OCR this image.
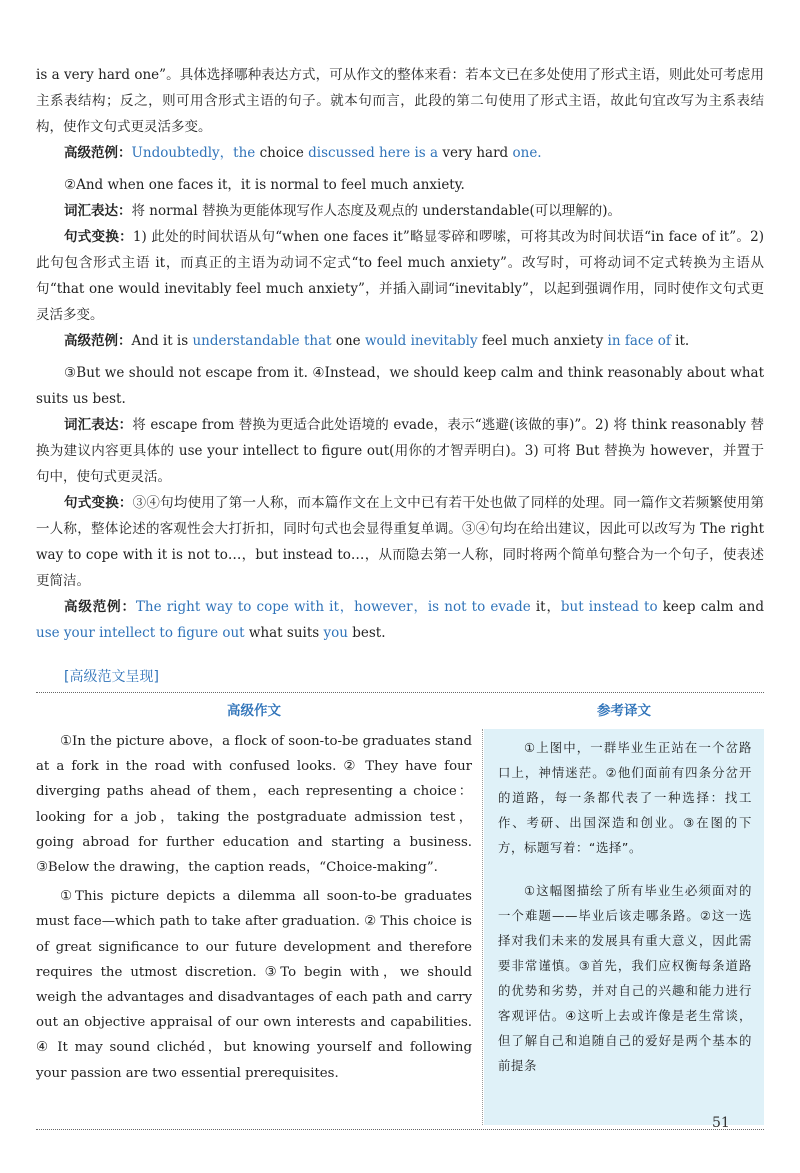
is a very hard one”。具体选择哪种表达方式，可从作文的整体来看：若本文已在多处使用了形式主语，则此处可考虑用主系表结构；反之，则可用含形式主语的句子。就本句而言，此段的第二句使用了形式主语，故此句宜改写为主系表结构，使作文句式更灵活多变。

高级范例：Undoubtedly，the choice discussed here is a very hard one.

②And when one faces it，it is normal to feel much anxiety.

词汇表达：将 normal 替换为更能体现写作人态度及观点的 understandable(可以理解的)。

句式变换：1) 此处的时间状语从句“when one faces it”略显零碎和啰嗦，可将其改为时间状语“in face of it”。2) 此句包含形式主语 it，而真正的主语为动词不定式“to feel much anxiety”。改写时，可将动词不定式转换为主语从句“that one would inevitably feel much anxiety”，并插入副词“inevitably”，以起到强调作用，同时使作文句式更灵活多变。

高级范例：And it is understandable that one would inevitably feel much anxiety in face of it.

③But we should not escape from it. ④Instead，we should keep calm and think reasonably about what suits us best.

词汇表达：将 escape from 替换为更适合此处语境的 evade，表示“逃避(该做的事)”。2) 将 think reasonably 替换为建议内容更具体的 use your intellect to figure out(用你的才智弄明白)。3) 可将 But 替换为 however，并置于句中，使句式更灵活。

句式变换：③④句均使用了第一人称，而本篇作文在上文中已有若干处也做了同样的处理。同一篇作文若频繁使用第一人称，整体论述的客观性会大打折扣，同时句式也会显得重复单调。③④句均在给出建议，因此可以改写为 The right way to cope with it is not to…，but instead to…，从而隐去第一人称，同时将两个简单句整合为一个句子，使表述更简洁。

高级范例：The right way to cope with it，however，is not to evade it，but instead to keep calm and use your intellect to figure out what suits you best.

[高级范文呈现]
高级作文

①In the picture above，a flock of soon-to-be graduates stand at a fork in the road with confused looks. ② They have four diverging paths ahead of them，each representing a choice：looking for a job，taking the postgraduate admission test，going abroad for further education and starting a business. ③Below the drawing，the caption reads，“Choice-making”.

①This picture depicts a dilemma all soon-to-be graduates must face—which path to take after graduation. ② This choice is of great significance to our future development and therefore requires the utmost discretion. ③To begin with，we should weigh the advantages and disadvantages of each path and carry out an objective appraisal of our own interests and capabilities. ④ It may sound clichéd，but knowing yourself and following your passion are two essential prerequisites.

参考译文

①上图中，一群毕业生正站在一个岔路口上，神情迷茫。②他们面前有四条分岔开的道路，每一条都代表了一种选择：找工作、考研、出国深造和创业。③在图的下方，标题写着：“选择”。

①这幅图描绘了所有毕业生必须面对的一个难题——毕业后该走哪条路。②这一选择对我们未来的发展具有重大意义，因此需要非常谨慎。③首先，我们应权衡每条道路的优势和劣势，并对自己的兴趣和能力进行客观评估。④这听上去或许像是老生常谈，但了解自己和追随自己的爱好是两个基本的前提条

51
